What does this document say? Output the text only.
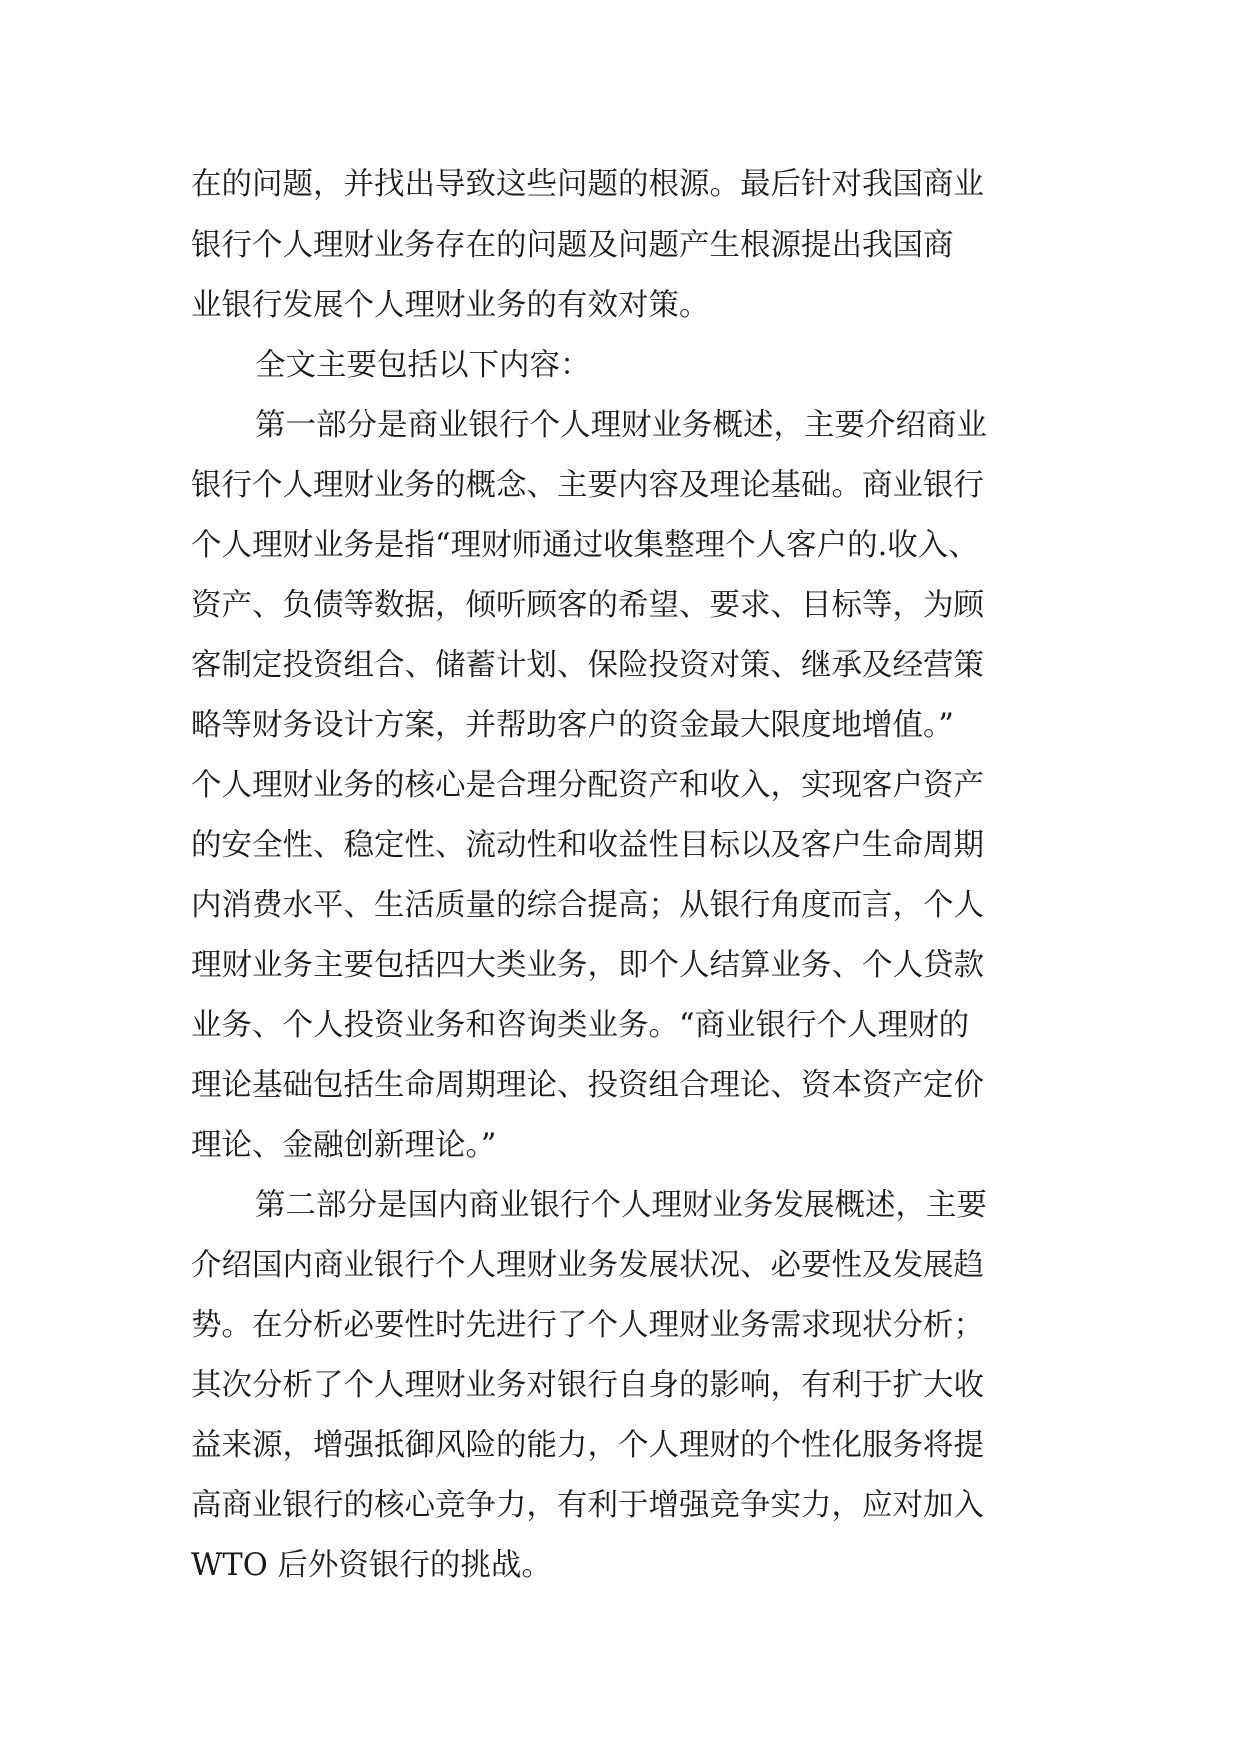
在的问题，并找出导致这些问题的根源。最后针对我国商业
银行个人理财业务存在的问题及问题产生根源提出我国商
业银行发展个人理财业务的有效对策。
全文主要包括以下内容：
第一部分是商业银行个人理财业务概述，主要介绍商业
银行个人理财业务的概念、主要内容及理论基础。商业银行
个人理财业务是指“理财师通过收集整理个人客户的.收入、
资产、负债等数据，倾听顾客的希望、要求、目标等，为顾
客制定投资组合、储蓄计划、保险投资对策、继承及经营策
略等财务设计方案，并帮助客户的资金最大限度地增值。”
个人理财业务的核心是合理分配资产和收入，实现客户资产
的安全性、稳定性、流动性和收益性目标以及客户生命周期
内消费水平、生活质量的综合提高；从银行角度而言，个人
理财业务主要包括四大类业务，即个人结算业务、个人贷款
业务、个人投资业务和咨询类业务。“商业银行个人理财的
理论基础包括生命周期理论、投资组合理论、资本资产定价
理论、金融创新理论。”
第二部分是国内商业银行个人理财业务发展概述，主要
介绍国内商业银行个人理财业务发展状况、必要性及发展趋
势。在分析必要性时先进行了个人理财业务需求现状分析；
其次分析了个人理财业务对银行自身的影响，有利于扩大收
益来源，增强抵御风险的能力，个人理财的个性化服务将提
高商业银行的核心竞争力，有利于增强竞争实力，应对加入
WTO 后外资银行的挑战。
